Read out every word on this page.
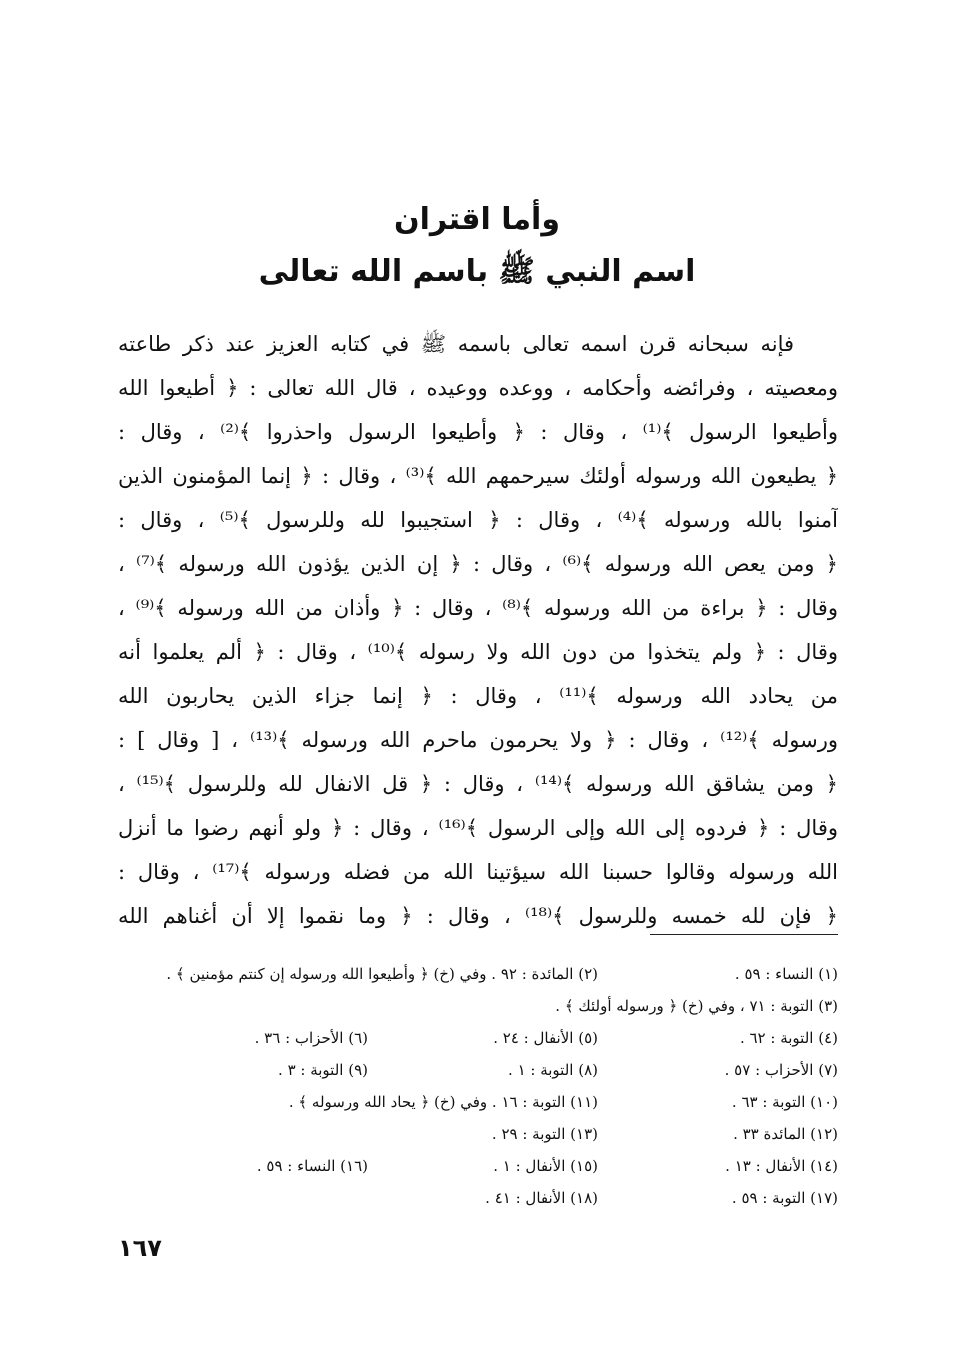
وأما اقتران
اسم النبي ﷺ باسم الله تعالى
فإنه سبحانه قرن اسمه تعالى باسمه ﷺ في كتابه العزيز عند ذكر طاعته
ومعصيته ، وفرائضه وأحكامه ، ووعده ووعيده ، قال الله تعالى : ﴿ أطيعوا الله
وأطيعوا الرسول ﴾⁽¹⁾ ، وقال : ﴿ وأطيعوا الرسول واحذروا ﴾⁽²⁾ ، وقال :
﴿ يطيعون الله ورسوله أولئك سيرحمهم الله ﴾⁽³⁾ ، وقال : ﴿ إنما المؤمنون الذين
آمنوا بالله ورسوله ﴾⁽⁴⁾ ، وقال : ﴿ استجيبوا لله وللرسول ﴾⁽⁵⁾ ، وقال :
﴿ ومن يعص الله ورسوله ﴾⁽⁶⁾ ، وقال : ﴿ إن الذين يؤذون الله ورسوله ﴾⁽⁷⁾ ،
وقال : ﴿ براءة من الله ورسوله ﴾⁽⁸⁾ ، وقال : ﴿ وأذان من الله ورسوله ﴾⁽⁹⁾ ،
وقال : ﴿ ولم يتخذوا من دون الله ولا رسوله ﴾⁽¹⁰⁾ ، وقال : ﴿ ألم يعلموا أنه
من يحادد الله ورسوله ﴾⁽¹¹⁾ ، وقال : ﴿ إنما جزاء الذين يحاربون الله
ورسوله ﴾⁽¹²⁾ ، وقال : ﴿ ولا يحرمون ماحرم الله ورسوله ﴾⁽¹³⁾ ، [ وقال ] :
﴿ ومن يشاقق الله ورسوله ﴾⁽¹⁴⁾ ، وقال : ﴿ قل الانفال لله وللرسول ﴾⁽¹⁵⁾ ،
وقال : ﴿ فردوه إلى الله وإلى الرسول ﴾⁽¹⁶⁾ ، وقال : ﴿ ولو أنهم رضوا ما أنزل
الله ورسوله وقالوا حسبنا الله سيؤتينا الله من فضله ورسوله ﴾⁽¹⁷⁾ ، وقال :
﴿ فإن لله خمسه وللرسول ﴾⁽¹⁸⁾ ، وقال : ﴿ وما نقموا إلا أن أغناهم الله
(١) النساء : ٥٩ .
(٢) المائدة : ٩٢ . وفي (خ) ﴿ وأطيعوا الله ورسوله إن كنتم مؤمنين ﴾ .
(٣) التوبة : ٧١ ، وفي (خ) ﴿ ورسوله أولئك ﴾ .
(٤) التوبة : ٦٢ .
(٥) الأنفال : ٢٤ .
(٦) الأحزاب : ٣٦ .
(٧) الأحزاب : ٥٧ .
(٨) التوبة : ١ .
(٩) التوبة : ٣ .
(١٠) التوبة : ٦٣ .
(١١) التوبة : ١٦ . وفي (خ) ﴿ يحاد الله ورسوله ﴾ .
(١٢) المائدة ٣٣ .
(١٣) التوبة : ٢٩ .
(١٤) الأنفال : ١٣ .
(١٥) الأنفال : ١ .
(١٦) النساء : ٥٩ .
(١٧) التوبة : ٥٩ .
(١٨) الأنفال : ٤١ .
١٦٧
